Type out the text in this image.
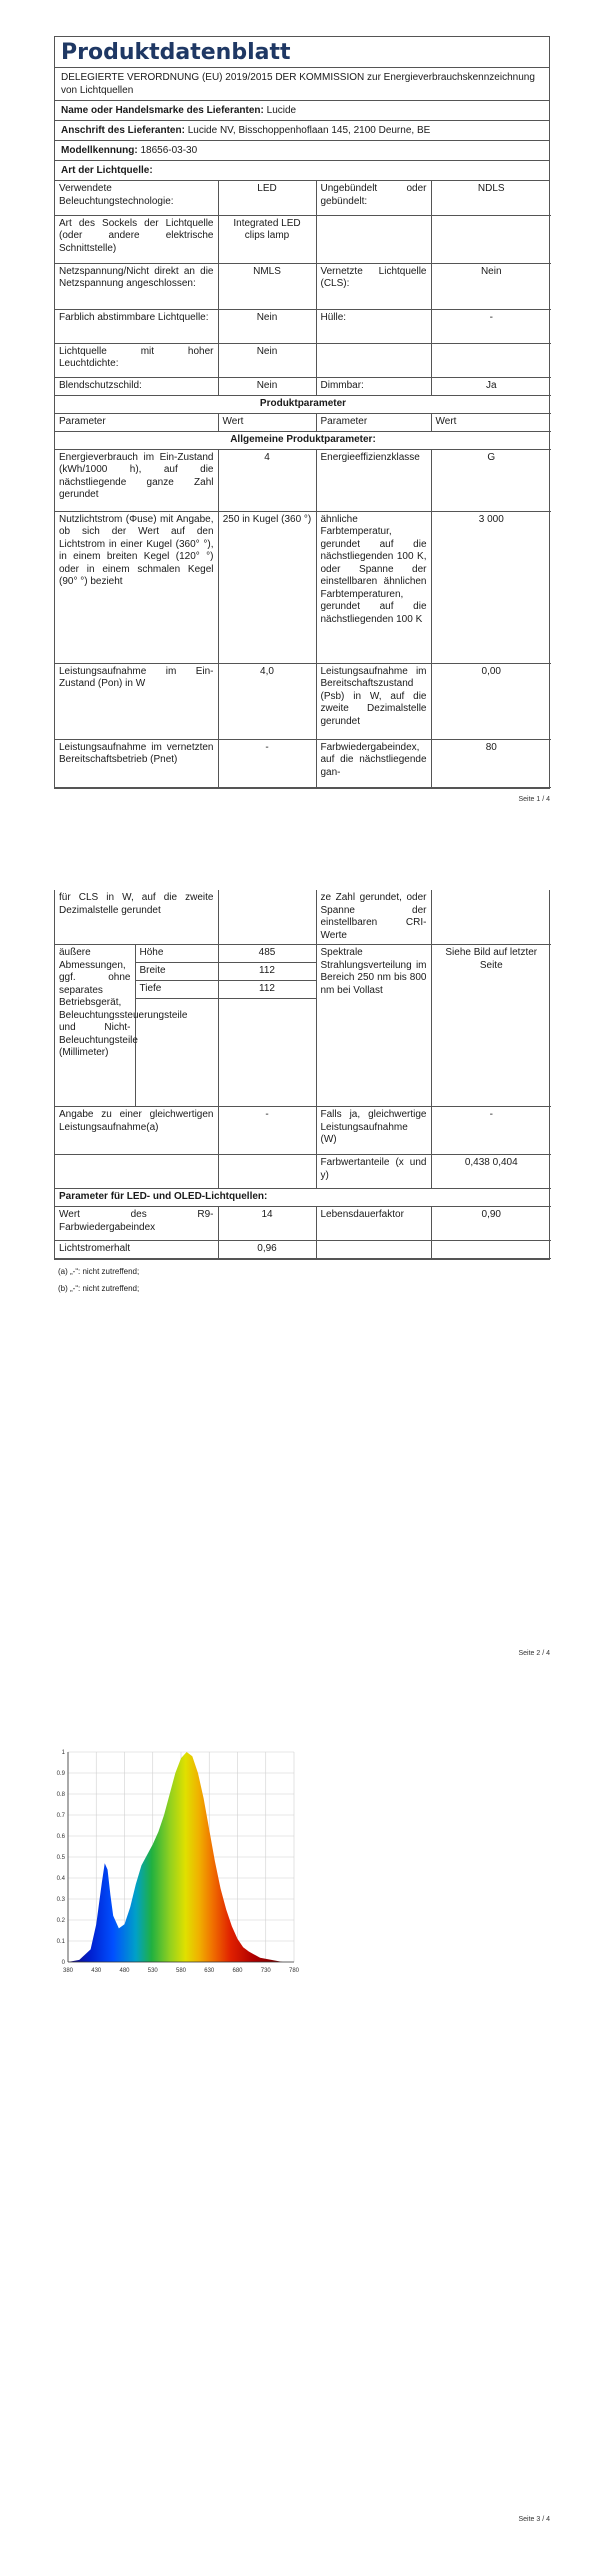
Produktdatenblatt
DELEGIERTE VERORDNUNG (EU) 2019/2015 DER KOMMISSION zur Energieverbrauchskennzeichnung von Lichtquellen
Name oder Handelsmarke des Lieferanten: Lucide
Anschrift des Lieferanten: Lucide NV, Bisschoppenhoflaan 145, 2100 Deurne, BE
Modellkennung: 18656-03-30
Art der Lichtquelle:
Verwendete Beleuchtungstechnologie:	LED	Ungebündelt oder gebündelt:	NDLS
Art des Sockels der Lichtquelle (oder andere elektrische Schnittstelle)	Integrated LED clips lamp		
Netzspannung/Nicht direkt an die Netzspannung angeschlossen:	NMLS	Vernetzte Lichtquelle (CLS):	Nein
Farblich abstimmbare Lichtquelle:	Nein	Hülle:	-
Lichtquelle mit hoher Leuchtdichte:	Nein		
Blendschutzschild:	Nein	Dimmbar:	Ja
Produktparameter			
Parameter	Wert	Parameter	Wert
Allgemeine Produktparameter:			
Energieverbrauch im Ein-Zustand (kWh/1000 h), auf die nächstliegende ganze Zahl gerundet	4	Energieeffizienzklasse	G
Nutzlichtstrom (Φuse) mit Angabe, ob sich der Wert auf den Lichtstrom in einer Kugel (360° °), in einem breiten Kegel (120° °) oder in einem schmalen Kegel (90° °) bezieht	250 in Kugel (360 °)	ähnliche Farbtemperatur, gerundet auf die nächstliegenden 100 K, oder Spanne der einstellbaren ähnlichen Farbtemperaturen, gerundet auf die nächstliegenden 100 K	3 000
Leistungsaufnahme im Ein-Zustand (Pon) in W	4,0	Leistungsaufnahme im Bereitschaftszustand (Psb) in W, auf die zweite Dezimalstelle gerundet	0,00
Leistungsaufnahme im vernetzten Bereitschaftsbetrieb (Pnet)	-	Farbwiedergabeindex, auf die nächstliegende gan-	80
Seite 1 / 4
für CLS in W, auf die zweite Dezimalstelle gerundet			ze Zahl gerundet, oder Spanne der einstellbaren CRI-Werte	
äußere Abmessungen, ggf. ohne separates Betriebsgerät, Beleuchtungssteuerungsteile und Nicht-Beleuchtungsteile (Millimeter)	Höhe	485	Spektrale Strahlungsverteilung im Bereich 250 nm bis 800 nm bei Vollast	Siehe Bild auf letzter Seite
	Breite	112		
	Tiefe	112		

Angabe zu einer gleichwertigen Leistungsaufnahme(a)		-	Falls ja, gleichwertige Leistungsaufnahme (W)	-
			Farbwertanteile (x und y)	0,438 0,404
Parameter für LED- und OLED-Lichtquellen:				
Wert des R9-Farbwiedergabeindex		14	Lebensdauerfaktor	0,90
Lichtstromerhalt		0,96		
(a) „-“: nicht zutreffend;
(b) „-“: nicht zutreffend;
Seite 2 / 4
380	430	480	530	580	630	680	730	780
0
0.1
0.2
0.3
0.4
0.5
0.6
0.7
0.8
0.9
1
Seite 3 / 4
